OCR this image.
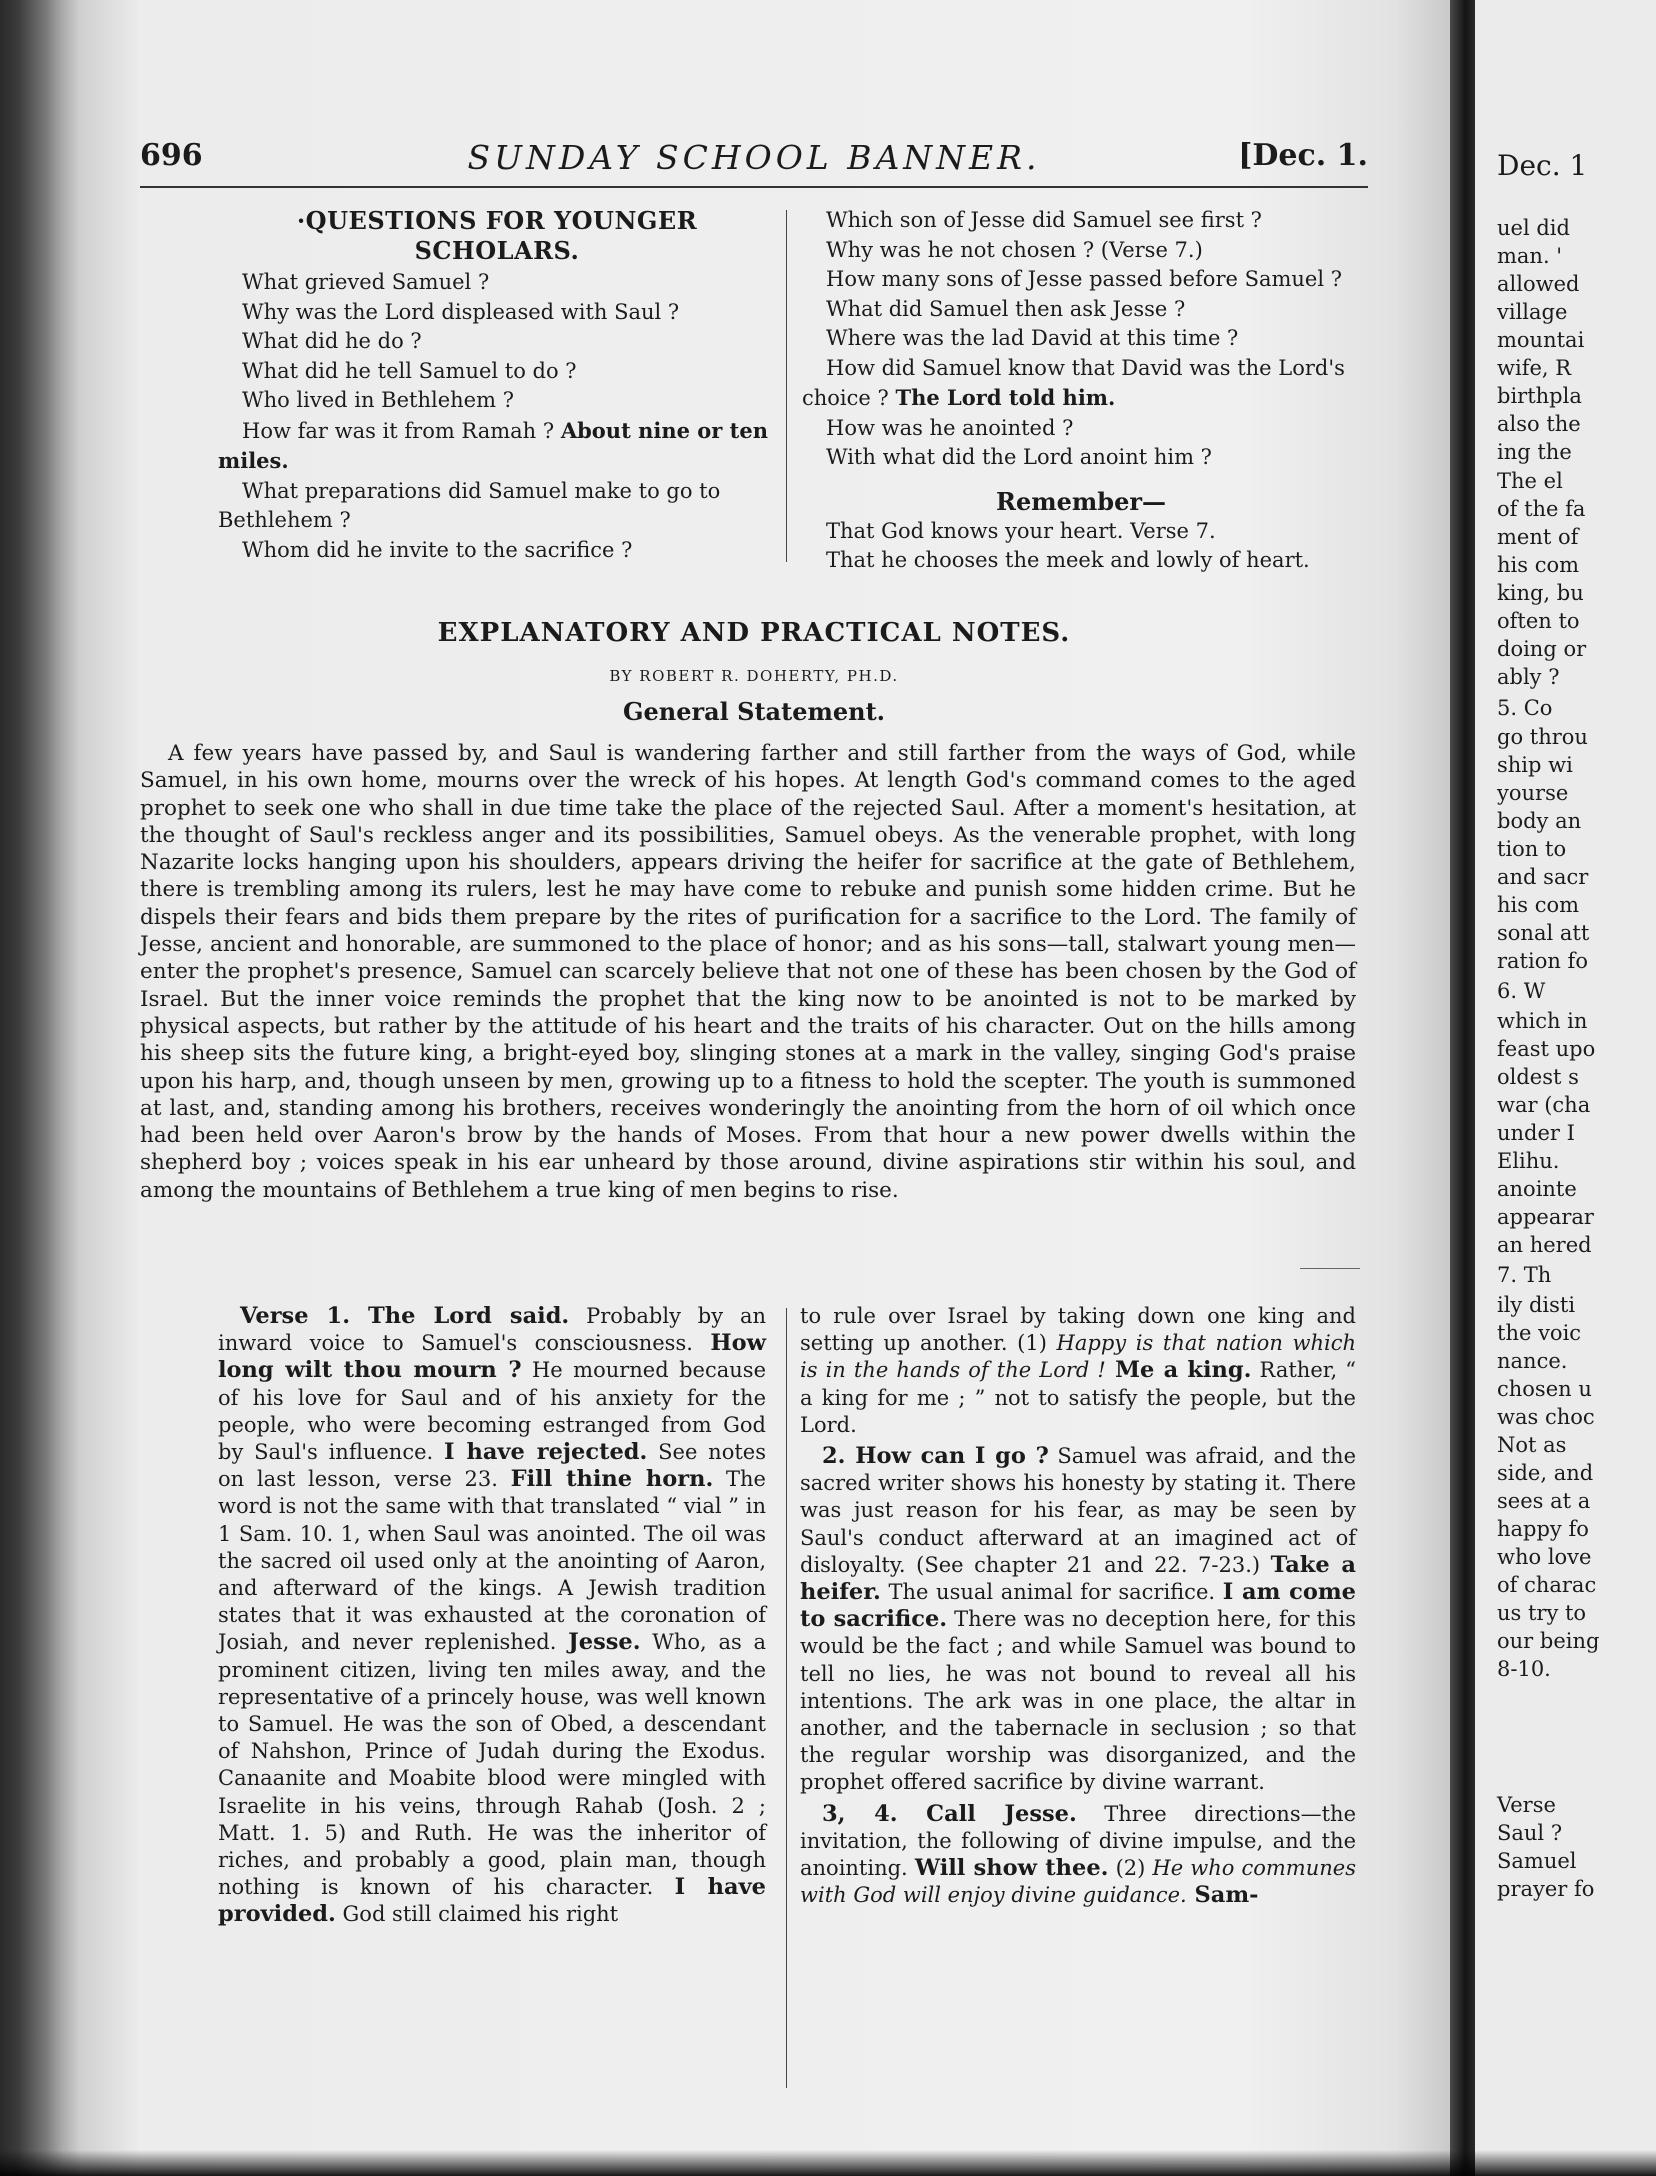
696	SUNDAY SCHOOL BANNER.	[Dec. 1.
·QUESTIONS FOR YOUNGER SCHOLARS.

What grieved Samuel ?

Why was the Lord displeased with Saul ?

What did he do ?

What did he tell Samuel to do ?

Who lived in Bethlehem ?

How far was it from Ramah ? About nine or ten miles.

What preparations did Samuel make to go to Bethlehem ?

Whom did he invite to the sacrifice ?

Which son of Jesse did Samuel see first ?

Why was he not chosen ? (Verse 7.)

How many sons of Jesse passed before Samuel ?

What did Samuel then ask Jesse ?

Where was the lad David at this time ?

How did Samuel know that David was the Lord's choice ? The Lord told him.

How was he anointed ?

With what did the Lord anoint him ?

Remember—

That God knows your heart. Verse 7.

That he chooses the meek and lowly of heart.

EXPLANATORY AND PRACTICAL NOTES.
BY ROBERT R. DOHERTY, PH.D.
General Statement.

A few years have passed by, and Saul is wandering farther and still farther from the ways of God, while Samuel, in his own home, mourns over the wreck of his hopes. At length God's command comes to the aged prophet to seek one who shall in due time take the place of the rejected Saul. After a moment's hesitation, at the thought of Saul's reckless anger and its possibilities, Samuel obeys. As the venerable prophet, with long Nazarite locks hanging upon his shoulders, appears driving the heifer for sacrifice at the gate of Bethlehem, there is trembling among its rulers, lest he may have come to rebuke and punish some hidden crime. But he dispels their fears and bids them prepare by the rites of purification for a sacrifice to the Lord. The family of Jesse, ancient and honorable, are summoned to the place of honor; and as his sons—tall, stalwart young men—enter the prophet's presence, Samuel can scarcely believe that not one of these has been chosen by the God of Israel. But the inner voice reminds the prophet that the king now to be anointed is not to be marked by physical aspects, but rather by the attitude of his heart and the traits of his character. Out on the hills among his sheep sits the future king, a bright-eyed boy, slinging stones at a mark in the valley, singing God's praise upon his harp, and, though unseen by men, growing up to a fitness to hold the scepter. The youth is summoned at last, and, standing among his brothers, receives wonderingly the anointing from the horn of oil which once had been held over Aaron's brow by the hands of Moses. From that hour a new power dwells within the shepherd boy ; voices speak in his ear unheard by those around, divine aspirations stir within his soul, and among the mountains of Bethlehem a true king of men begins to rise.

Verse 1. The Lord said. Probably by an inward voice to Samuel's consciousness. How long wilt thou mourn ? He mourned because of his love for Saul and of his anxiety for the people, who were becoming estranged from God by Saul's influence. I have rejected. See notes on last lesson, verse 23. Fill thine horn. The word is not the same with that translated “ vial ” in 1 Sam. 10. 1, when Saul was anointed. The oil was the sacred oil used only at the anointing of Aaron, and afterward of the kings. A Jewish tradition states that it was exhausted at the coronation of Josiah, and never replenished. Jesse. Who, as a prominent citizen, living ten miles away, and the representative of a princely house, was well known to Samuel. He was the son of Obed, a descendant of Nahshon, Prince of Judah during the Exodus. Canaanite and Moabite blood were mingled with Israelite in his veins, through Rahab (Josh. 2 ; Matt. 1. 5) and Ruth. He was the inheritor of riches, and probably a good, plain man, though nothing is known of his character. I have provided. God still claimed his right

to rule over Israel by taking down one king and setting up another. (1) Happy is that nation which is in the hands of the Lord ! Me a king. Rather, “ a king for me ; ” not to satisfy the people, but the Lord.

2. How can I go ? Samuel was afraid, and the sacred writer shows his honesty by stating it. There was just reason for his fear, as may be seen by Saul's conduct afterward at an imagined act of disloyalty. (See chapter 21 and 22. 7-23.) Take a heifer. The usual animal for sacrifice. I am come to sacrifice. There was no deception here, for this would be the fact ; and while Samuel was bound to tell no lies, he was not bound to reveal all his intentions. The ark was in one place, the altar in another, and the tabernacle in seclusion ; so that the regular worship was disorganized, and the prophet offered sacrifice by divine warrant.

3, 4. Call Jesse. Three directions—the invitation, the following of divine impulse, and the anointing. Will show thee. (2) He who communes with God will enjoy divine guidance. Sam-

Dec. 1
uel did
man. '
allowed
village
mountai
wife, R
birthpla
also the
ing the
The el
of the fa
ment of
his com
king, bu
often to
doing or
ably ?
5. Co
go throu
ship wi
yourse
body an
tion to
and sacr
his com
sonal att
ration fo
6. W
which in
feast upo
oldest s
war (cha
under I
Elihu.
anointe
appearar
an hered
7. Th
ily disti
the voic
nance.
chosen u
was choc
Not as
side, and
sees at a
happy fo
who love
of charac
us try to
our being
8-10.
Verse
Saul ?
Samuel
prayer fo
